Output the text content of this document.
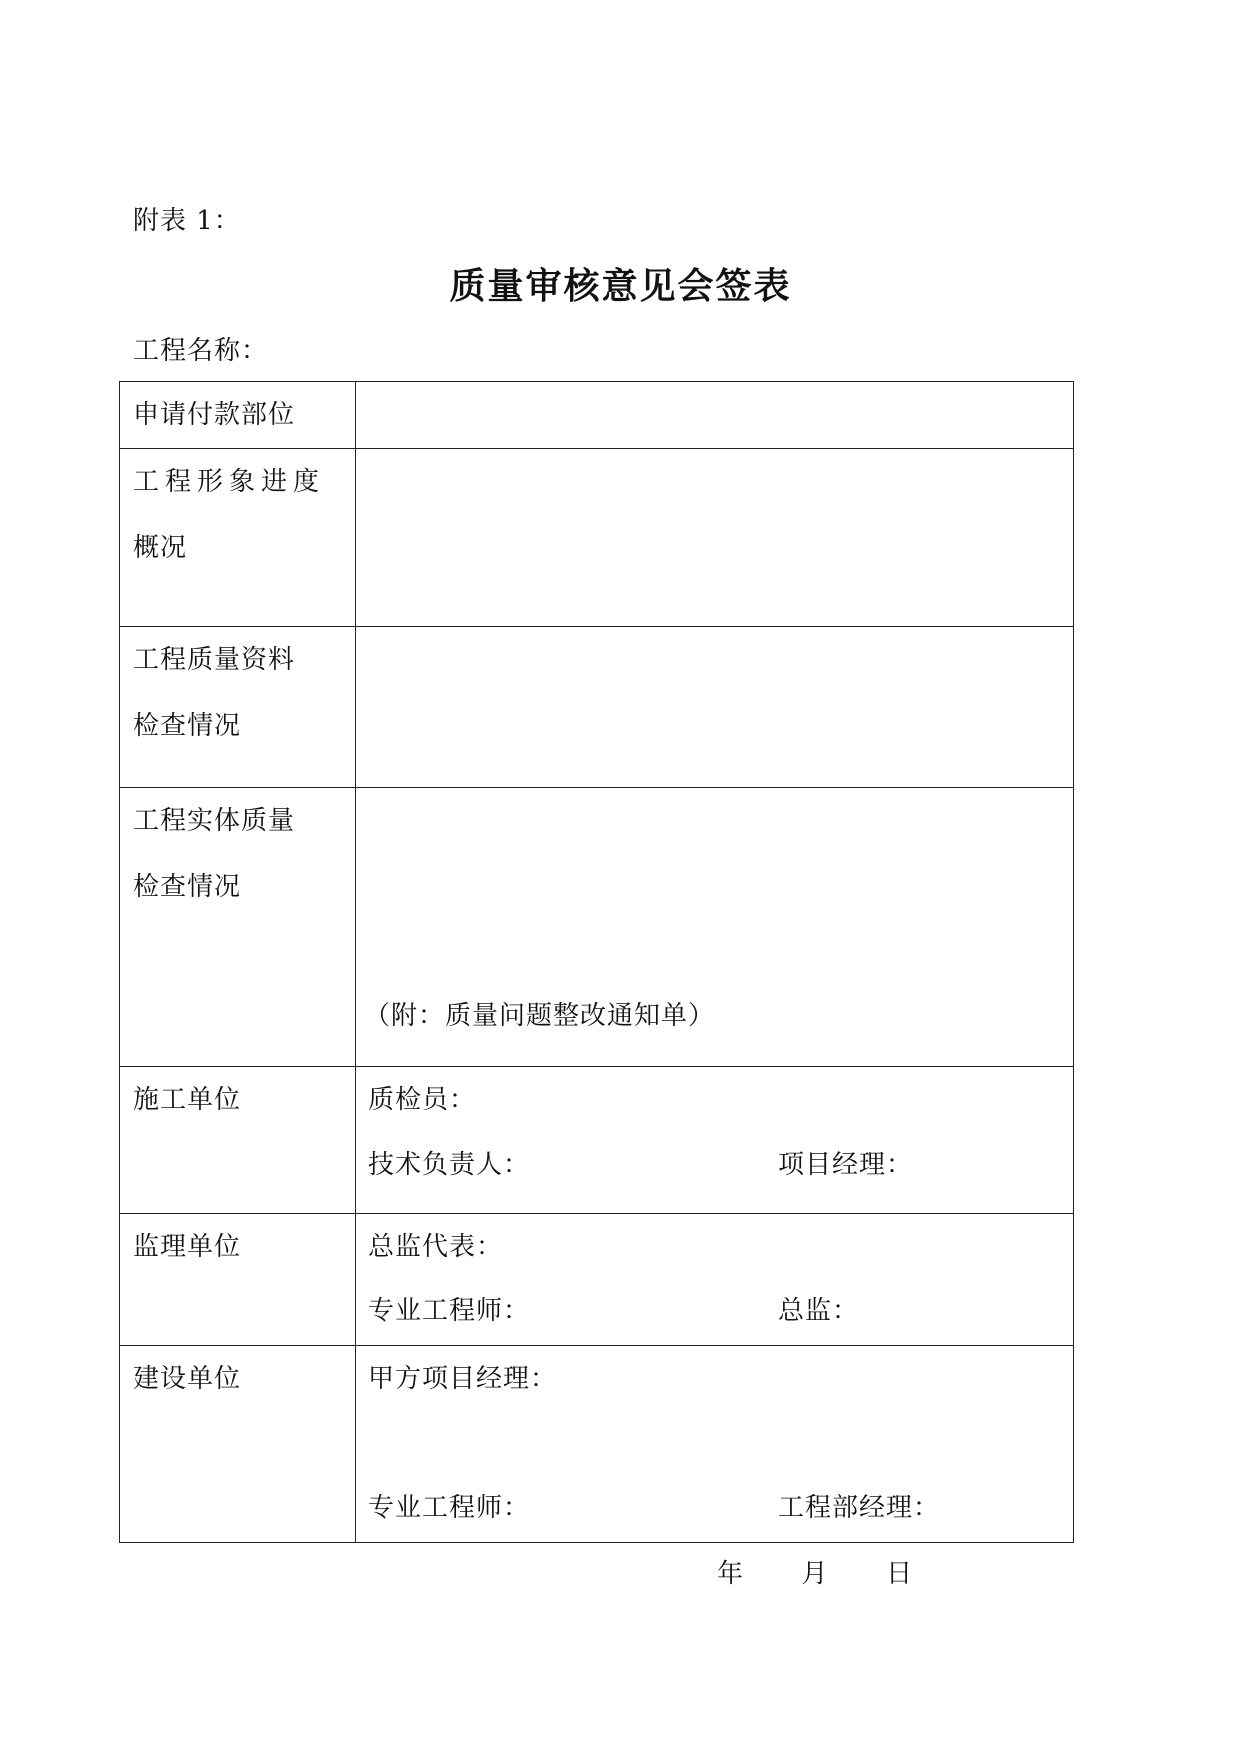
附表 1：
质量审核意见会签表
工程名称：
申请付款部位	

工程形象进度
概况	

工程质量资料
检查情况	

工程实体质量
检查情况	（附：质量问题整改通知单）

施工单位	质检员：
技术负责人： 项目经理：

监理单位	总监代表：
专业工程师： 总监：

建设单位	甲方项目经理：
专业工程师： 工程部经理：
年 月 日
